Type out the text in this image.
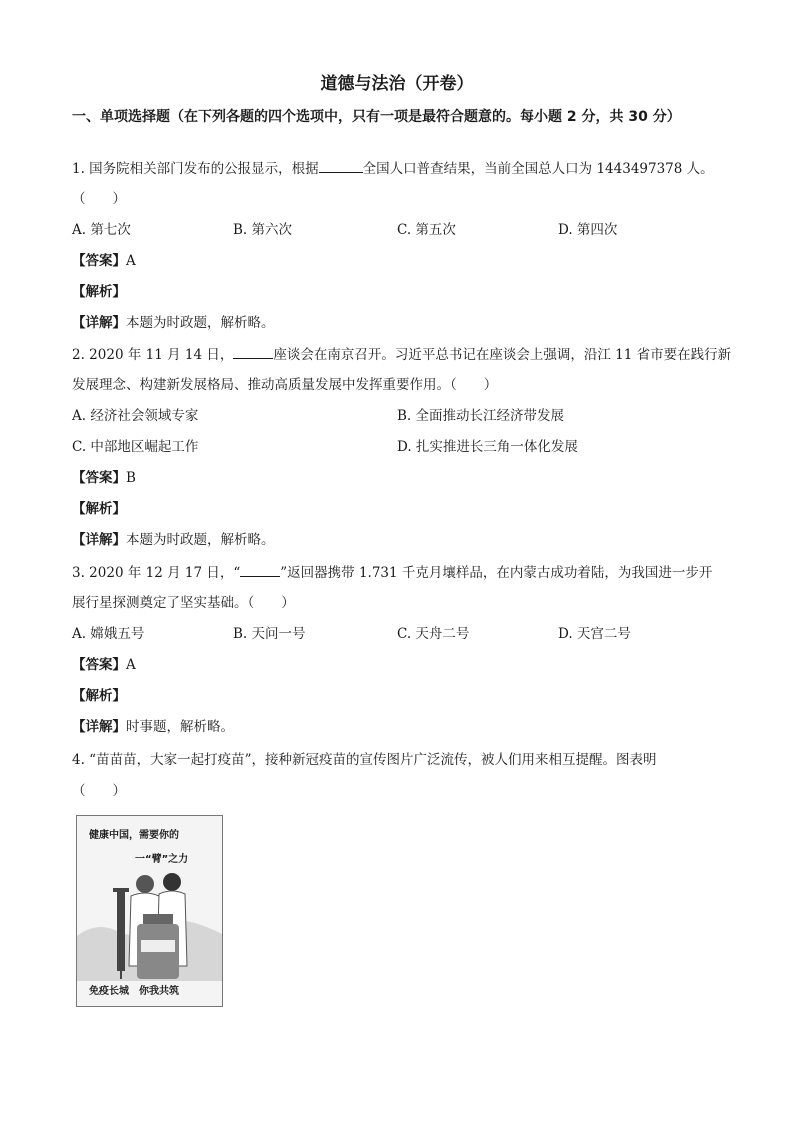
道德与法治（开卷）
一、单项选择题（在下列各题的四个选项中，只有一项是最符合题意的。每小题 2 分，共 30 分）
1. 国务院相关部门发布的公报显示，根据	全国人口普查结果，当前全国总人口为 1443497378 人。
（　　）
A. 第七次	B. 第六次	C. 第五次	D. 第四次
【答案】A
【解析】
【详解】本题为时政题，解析略。
2. 2020 年 11 月 14 日，	座谈会在南京召开。习近平总书记在座谈会上强调，沿江 11 省市要在践行新
发展理念、构建新发展格局、推动高质量发展中发挥重要作用。（　　）
A. 经济社会领域专家	B. 全面推动长江经济带发展
C. 中部地区崛起工作	D. 扎实推进长三角一体化发展
【答案】B
【解析】
【详解】本题为时政题，解析略。
3. 2020 年 12 月 17 日，“	”返回器携带 1.731 千克月壤样品，在内蒙古成功着陆，为我国进一步开
展行星探测奠定了坚实基础。（　　）
A. 嫦娥五号	B. 天问一号	C. 天舟二号	D. 天宫二号
【答案】A
【解析】
【详解】时事题，解析略。
4. “苗苗苗，大家一起打疫苗”，接种新冠疫苗的宣传图片广泛流传，被人们用来相互提醒。图表明
（　　）
健康中国，需要你的
一“臂”之力
免疫长城　你我共筑
